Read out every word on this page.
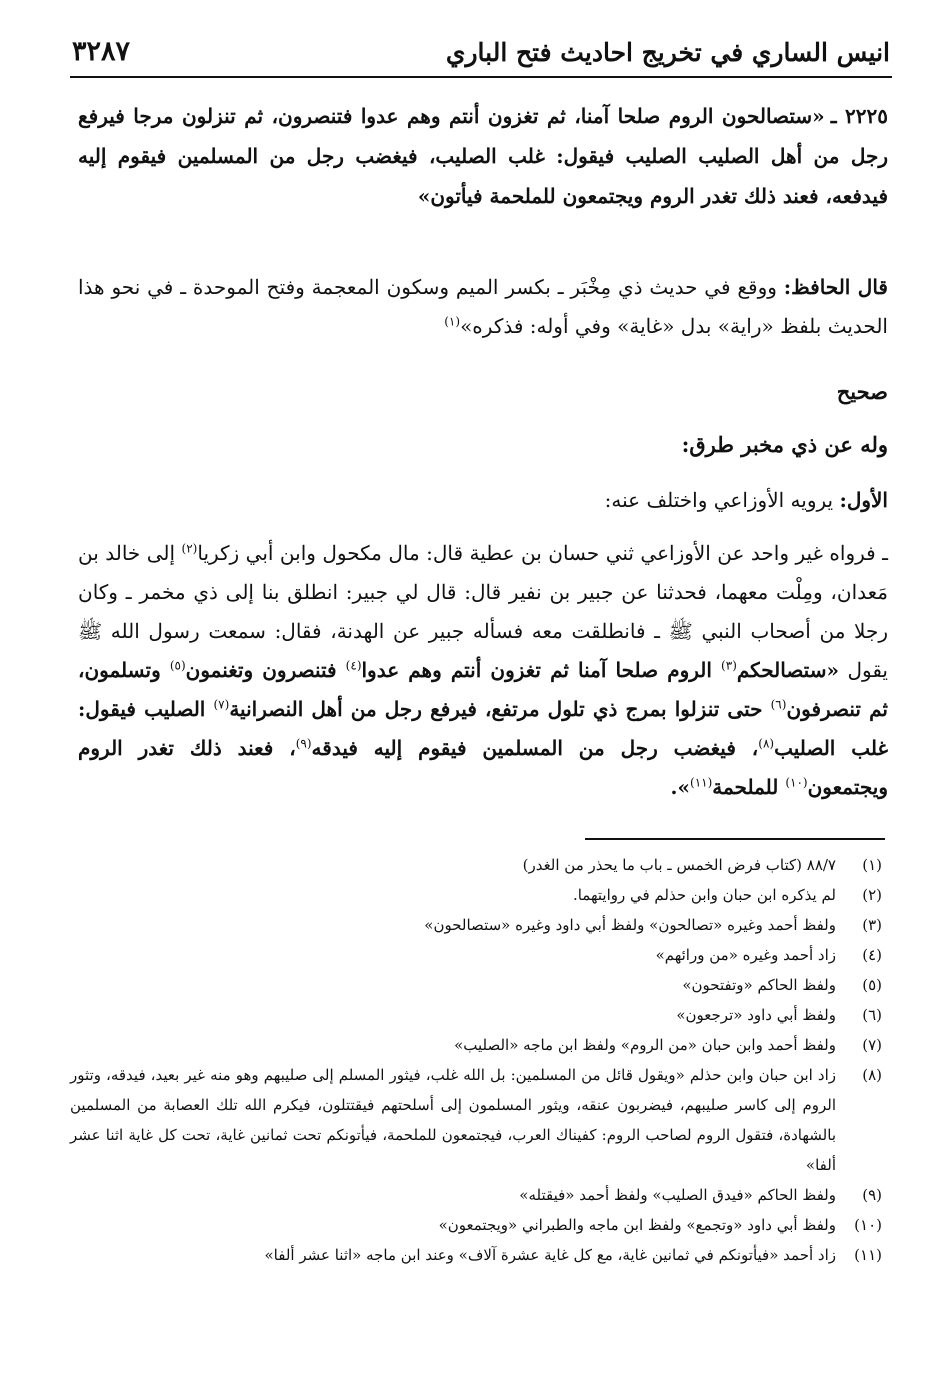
انيس الساري في تخريج احاديث فتح الباري
٣٢٨٧

٢٢٢٥ ـ«ستصالحون الروم صلحا آمنا، ثم تغزون أنتم وهم عدوا فتنصرون، ثم تنزلون مرجا فيرفع رجل من أهل الصليب الصليب فيقول: غلب الصليب، فيغضب رجل من المسلمين فيقوم إليه فيدفعه، فعند ذلك تغدر الروم ويجتمعون للملحمة فيأتون»

قال الحافظ: ووقع في حديث ذي مِخْبَر ـ بكسر الميم وسكون المعجمة وفتح الموحدة ـ في نحو هذا الحديث بلفظ «راية» بدل «غاية» وفي أوله: فذكره»$^{(١)}$

صحيح

وله عن ذي مخبر طرق:

الأول: يرويه الأوزاعي واختلف عنه:

ـ فرواه غير واحد عن الأوزاعي ثني حسان بن عطية قال: مال مكحول وابن أبي زكريا$^{(٢)}$ إلى خالد بن مَعدان، ومِلْت معهما، فحدثنا عن جبير بن نفير قال: قال لي جبير: انطلق بنا إلى ذي مخمر ـ وكان رجلا من أصحاب النبي ﷺ ـ فانطلقت معه فسأله جبير عن الهدنة، فقال: سمعت رسول الله ﷺ يقول «ستصالحكم$^{(٣)}$ الروم صلحا آمنا ثم تغزون أنتم وهم عدوا$^{(٤)}$ فتنصرون وتغنمون$^{(٥)}$ وتسلمون، ثم تنصرفون$^{(٦)}$ حتى تنزلوا بمرج ذي تلول مرتفع، فيرفع رجل من أهل النصرانية$^{(٧)}$ الصليب فيقول: غلب الصليب$^{(٨)}$، فيغضب رجل من المسلمين فيقوم إليه فيدقه$^{(٩)}$، فعند ذلك تغدر الروم ويجتمعون$^{(١٠)}$ للملحمة$^{(١١)}$».

(١)
٨٨/٧ (كتاب فرض الخمس ـ باب ما يحذر من الغدر)
(٢)
لم يذكره ابن حبان وابن حذلم في روايتهما.
(٣)
ولفظ أحمد وغيره «تصالحون» ولفظ أبي داود وغيره «ستصالحون»
(٤)
زاد أحمد وغيره «من ورائهم»
(٥)
ولفظ الحاكم «وتفتحون»
(٦)
ولفظ أبي داود «ترجعون»
(٧)
ولفظ أحمد وابن حبان «من الروم» ولفظ ابن ماجه «الصليب»
(٨)
زاد ابن حبان وابن حذلم «ويقول قائل من المسلمين: بل الله غلب، فيثور المسلم إلى صليبهم وهو منه غير بعيد، فيدقه، وتثور الروم إلى كاسر صليبهم، فيضربون عنقه، ويثور المسلمون إلى أسلحتهم فيقتتلون، فيكرم الله تلك العصابة من المسلمين بالشهادة، فتقول الروم لصاحب الروم: كفيناك العرب، فيجتمعون للملحمة، فيأتونكم تحت ثمانين غاية، تحت كل غاية اثنا عشر ألفا»
(٩)
ولفظ الحاكم «فيدق الصليب» ولفظ أحمد «فيقتله»
(١٠)
ولفظ أبي داود «وتجمع» ولفظ ابن ماجه والطبراني «ويجتمعون»
(١١)
زاد أحمد «فيأتونكم في ثمانين غاية، مع كل غاية عشرة آلاف» وعند ابن ماجه «اثنا عشر ألفا»
